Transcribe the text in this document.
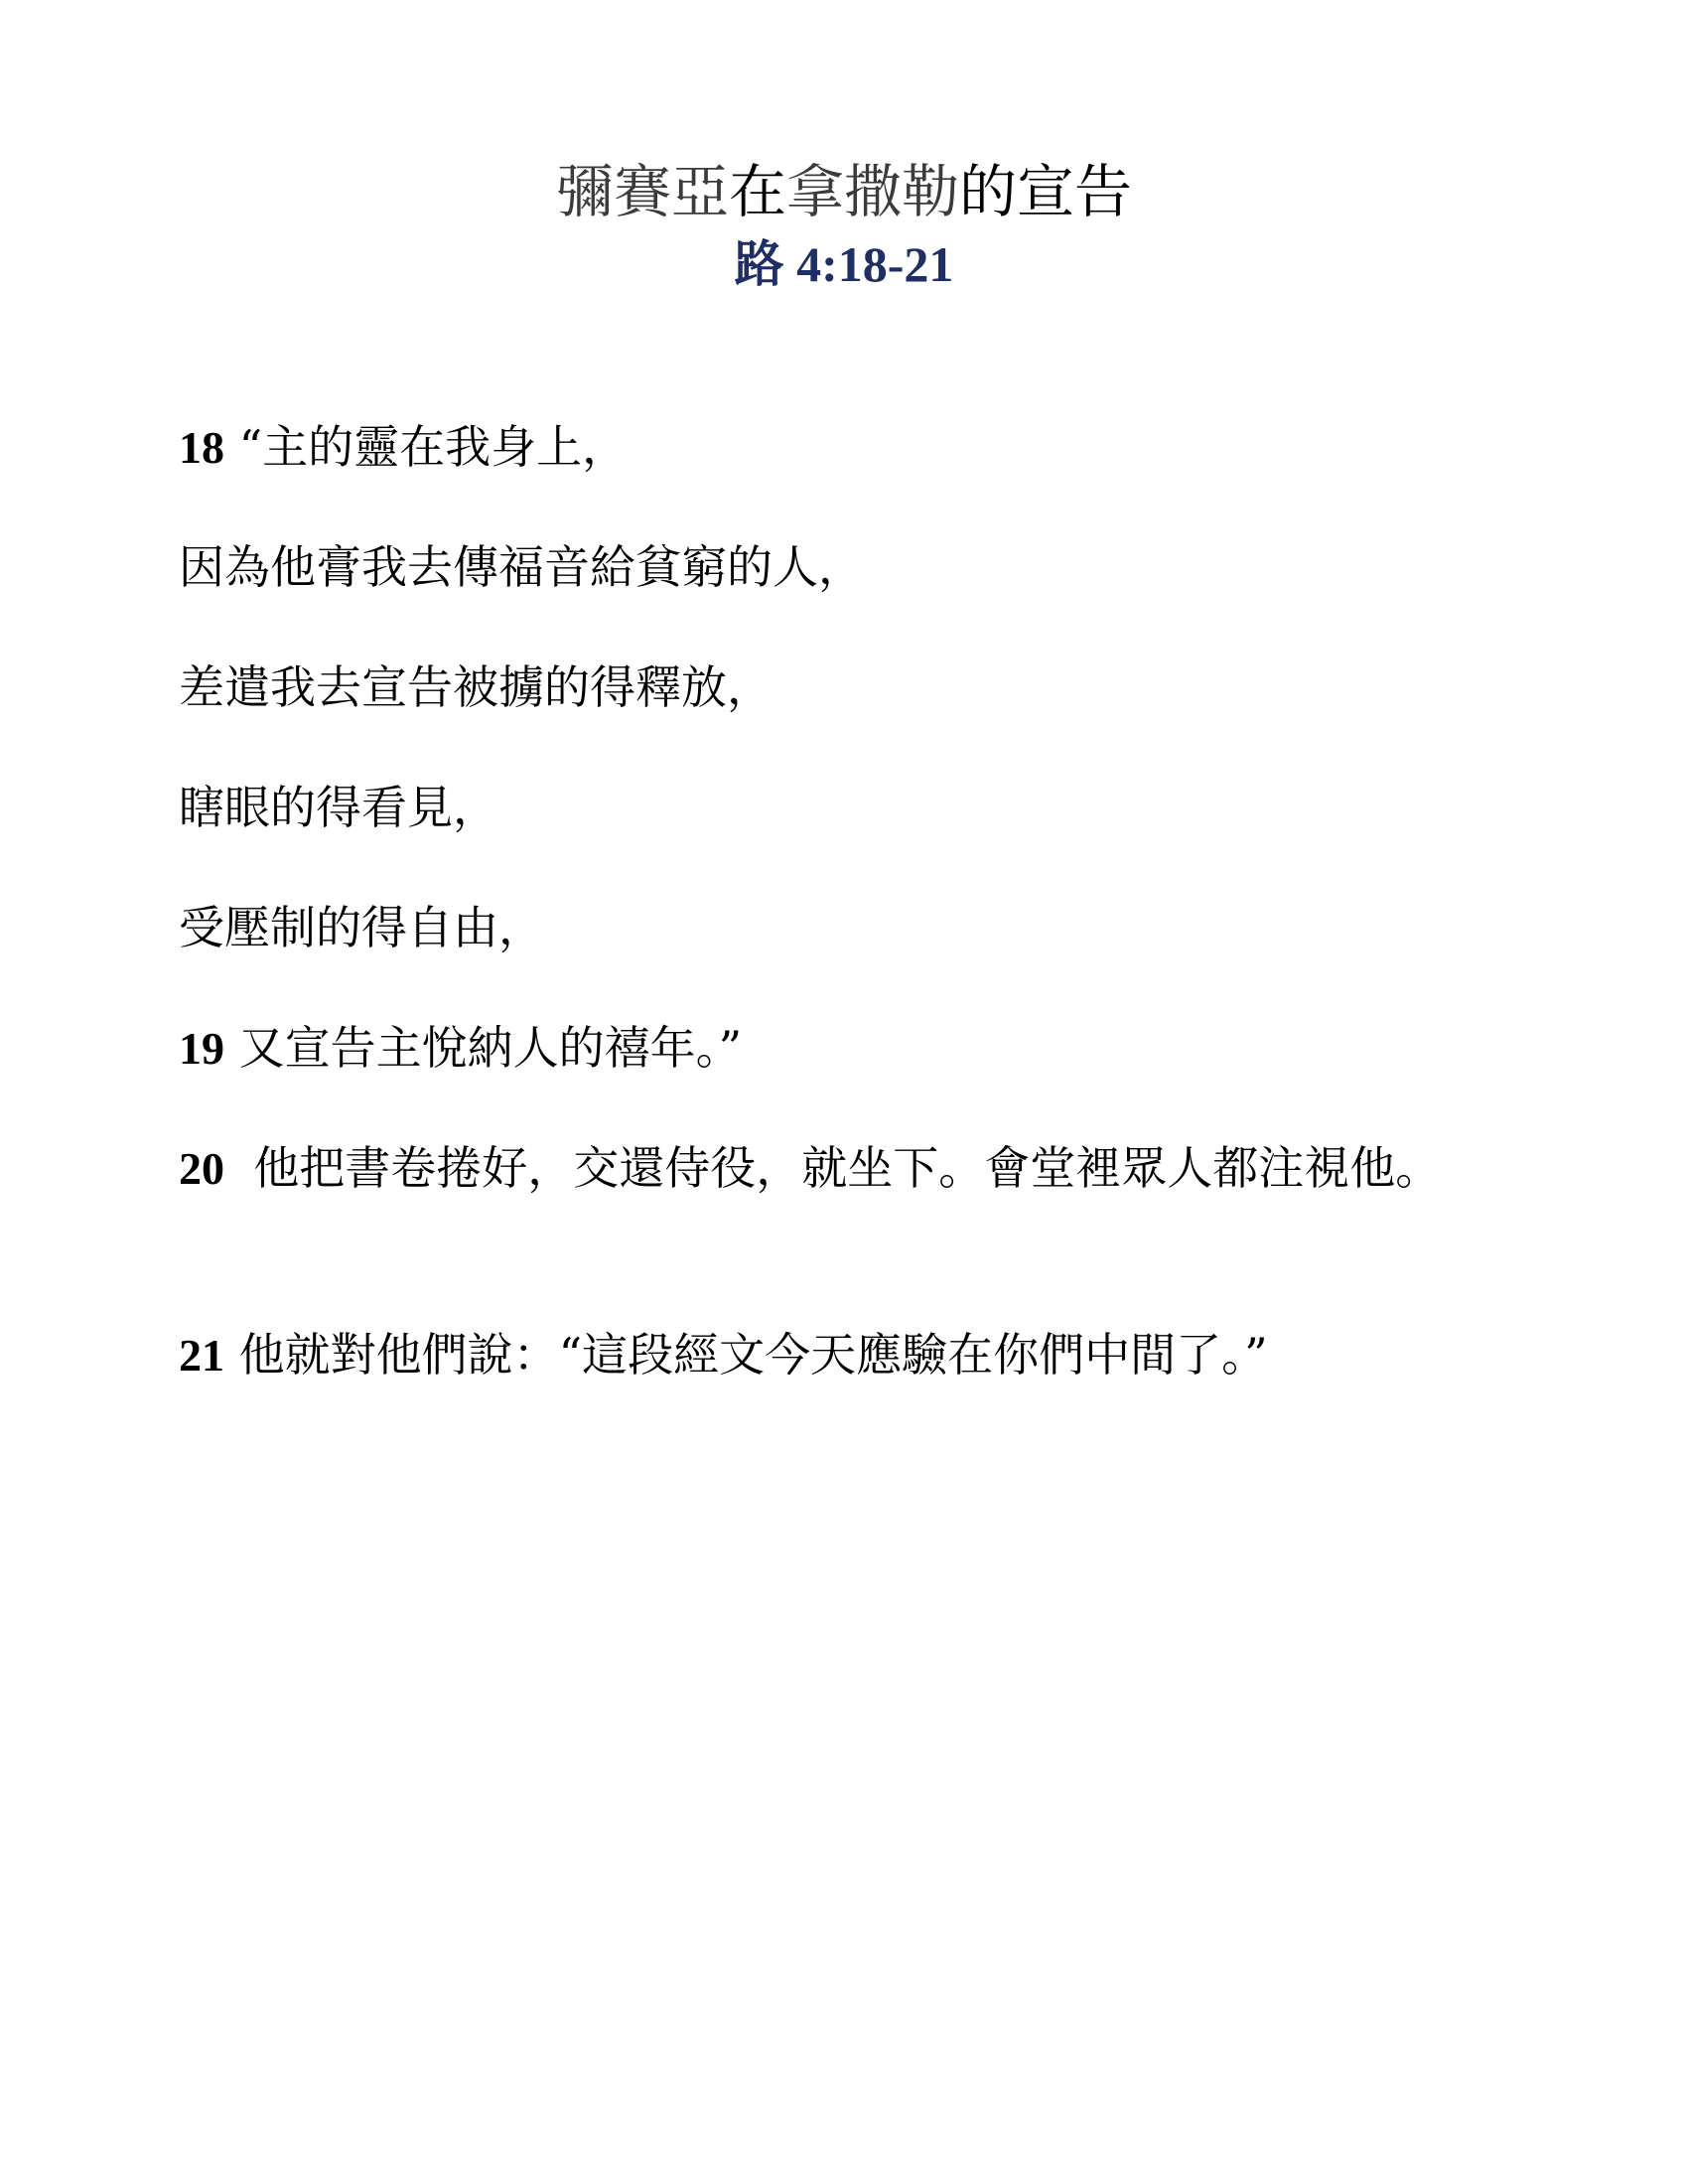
彌賽亞在拿撒勒的宣告

路 4:18-21

18 “主的靈在我身上，

因為他膏我去傳福音給貧窮的人，

差遣我去宣告被擄的得釋放，

瞎眼的得看見，

受壓制的得自由，

19 又宣告主悅納人的禧年。”

20 他把書卷捲好，交還侍役，就坐下。會堂裡眾人都注視他。

21 他就對他們說：“這段經文今天應驗在你們中間了。”
